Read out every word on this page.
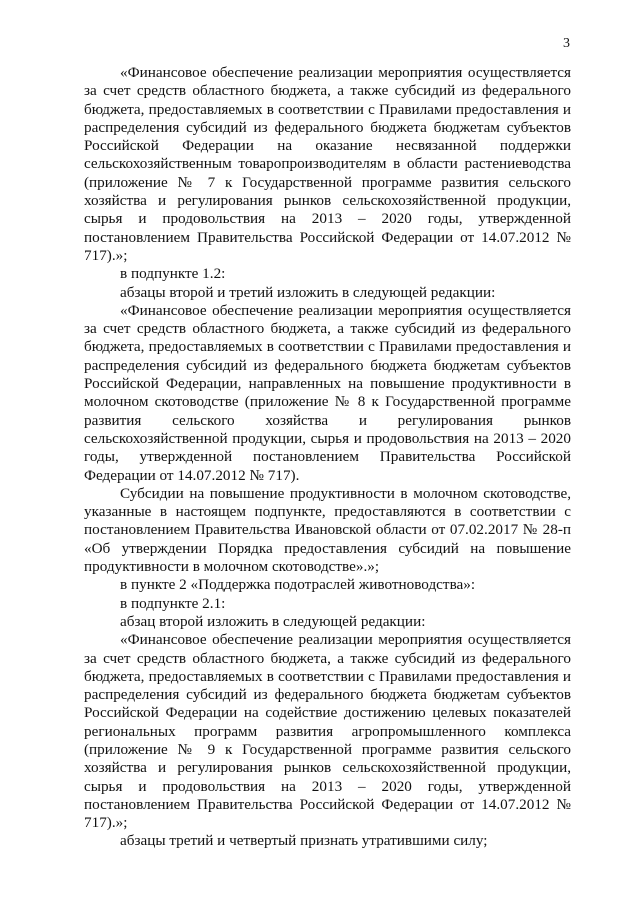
3

«Финансовое обеспечение реализации мероприятия осуществляется за счет средств областного бюджета, а также субсидий из федерального бюджета, предоставляемых в соответствии с Правилами предоставления и распределения субсидий из федерального бюджета бюджетам субъектов Российской Федерации на оказание несвязанной поддержки сельскохозяйственным товаропроизводителям в области растениеводства (приложение № 7 к Государственной программе развития сельского хозяйства и регулирования рынков сельскохозяйственной продукции, сырья и продовольствия на 2013 – 2020 годы, утвержденной постановлением Правительства Российской Федерации от 14.07.2012 № 717).»;

в подпункте 1.2:

абзацы второй и третий изложить в следующей редакции:

«Финансовое обеспечение реализации мероприятия осуществляется за счет средств областного бюджета, а также субсидий из федерального бюджета, предоставляемых в соответствии с Правилами предоставления и распределения субсидий из федерального бюджета бюджетам субъектов Российской Федерации, направленных на повышение продуктивности в молочном скотоводстве (приложение № 8 к Государственной программе развития сельского хозяйства и регулирования рынков сельскохозяйственной продукции, сырья и продовольствия на 2013 – 2020 годы, утвержденной постановлением Правительства Российской Федерации от 14.07.2012 № 717).

Субсидии на повышение продуктивности в молочном скотоводстве, указанные в настоящем подпункте, предоставляются в соответствии с постановлением Правительства Ивановской области от 07.02.2017 № 28-п «Об утверждении Порядка предоставления субсидий на повышение продуктивности в молочном скотоводстве».»;

в пункте 2 «Поддержка подотраслей животноводства»:

в подпункте 2.1:

абзац второй изложить в следующей редакции:

«Финансовое обеспечение реализации мероприятия осуществляется за счет средств областного бюджета, а также субсидий из федерального бюджета, предоставляемых в соответствии с Правилами предоставления и распределения субсидий из федерального бюджета бюджетам субъектов Российской Федерации на содействие достижению целевых показателей региональных программ развития агропромышленного комплекса (приложение № 9 к Государственной программе развития сельского хозяйства и регулирования рынков сельскохозяйственной продукции, сырья и продовольствия на 2013 – 2020 годы, утвержденной постановлением Правительства Российской Федерации от 14.07.2012 № 717).»;

абзацы третий и четвертый признать утратившими силу;
